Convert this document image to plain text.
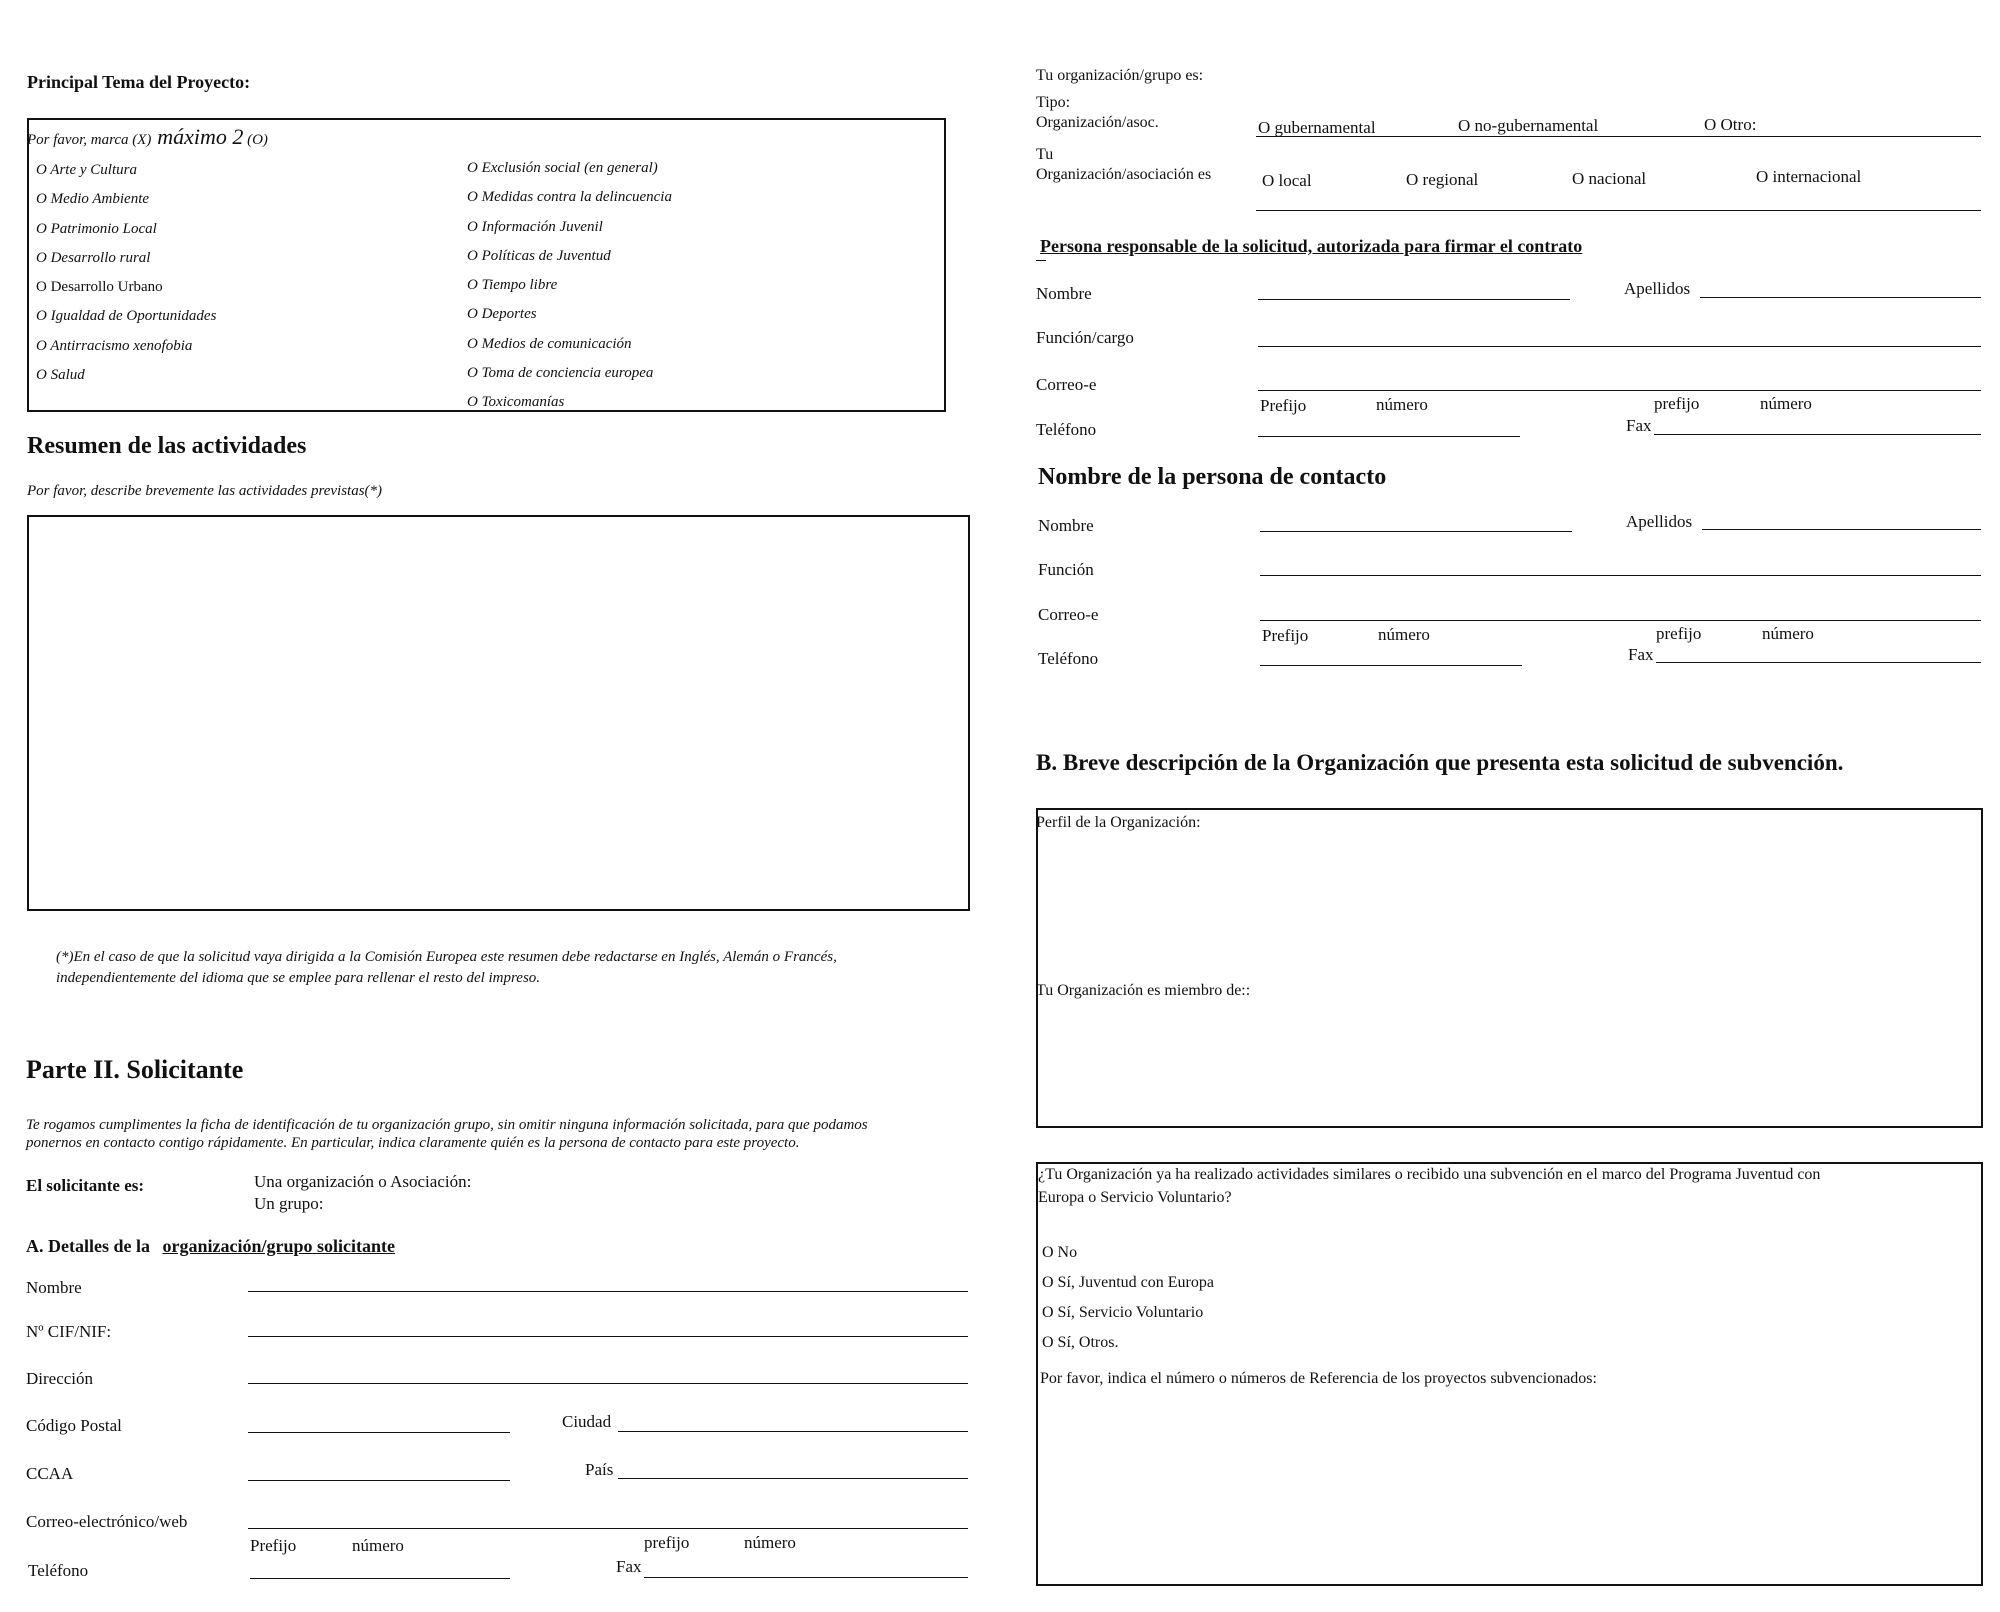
Principal Tema del Proyecto:
Por favor, marca (X) máximo 2 (O)
O Arte y Cultura
O Medio Ambiente
O Patrimonio Local
O Desarrollo rural
O Desarrollo Urbano
O Igualdad de Oportunidades
O Antirracismo xenofobia
O Salud
O Exclusión social (en general)
O Medidas contra la delincuencia
O Información Juvenil
O Políticas de Juventud
O Tiempo libre
O Deportes
O Medios de comunicación
O Toma de conciencia europea
O Toxicomanías
Resumen de las actividades
Por favor, describe brevemente las actividades previstas(*)
(*)En el caso de que la solicitud vaya dirigida a la Comisión Europea este resumen debe redactarse en Inglés, Alemán o Francés,
independientemente del idioma que se emplee para rellenar el resto del impreso.
Parte II. Solicitante
Te rogamos cumplimentes la ficha de identificación de tu organización grupo, sin omitir ninguna información solicitada, para que podamos
ponernos en contacto contigo rápidamente. En particular, indica claramente quién es la persona de contacto para este proyecto.
El solicitante es:	Una organización o Asociación:
Un grupo:
A. Detalles de la organización/grupo solicitante
Nombre
Nº CIF/NIF:
Dirección
Código Postal	Ciudad
CCAA	País
Correo-electrónico/web
Prefijo	número	prefijo	número
Teléfono	Fax
Tu organización/grupo es:
Tipo:
Organización/asoc.	O gubernamental	O no-gubernamental	O Otro:
Tu
Organización/asociación es	O local	O regional	O nacional	O internacional
Persona responsable de la solicitud, autorizada para firmar el contrato
Nombre	Apellidos
Función/cargo
Correo-e
Prefijo	número	prefijo	número
Teléfono	Fax
Nombre de la persona de contacto
Nombre	Apellidos
Función
Correo-e
Prefijo	número	prefijo	número
Teléfono	Fax
B. Breve descripción de la Organización que presenta esta solicitud de subvención.
Perfil de la Organización:
Tu Organización es miembro de::
¿Tu Organización ya ha realizado actividades similares o recibido una subvención en el marco del Programa Juventud con
Europa o Servicio Voluntario?
O No
O Sí, Juventud con Europa
O Sí, Servicio Voluntario
O Sí, Otros.
Por favor, indica el número o números de Referencia de los proyectos subvencionados:
